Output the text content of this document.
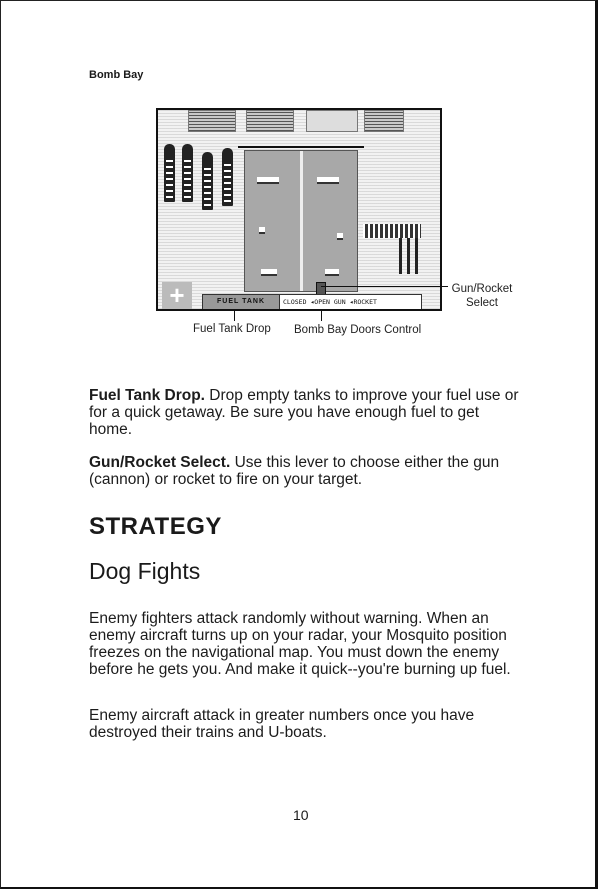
Bomb Bay
+	FUEL TANK	CLOSED ◂OPEN GUN ◂ROCKET
Gun/Rocket
Select
Fuel Tank Drop Bomb Bay Doors Control
Fuel Tank Drop. Drop empty tanks to improve your fuel use or for a quick getaway. Be sure you have enough fuel to get home.
Gun/Rocket Select. Use this lever to choose either the gun (cannon) or rocket to fire on your target.
STRATEGY
Dog Fights
Enemy fighters attack randomly without warning. When an enemy aircraft turns up on your radar, your Mosquito position freezes on the navigational map. You must down the enemy before he gets you. And make it quick--you're burning up fuel.
Enemy aircraft attack in greater numbers once you have destroyed their trains and U-boats.
10
